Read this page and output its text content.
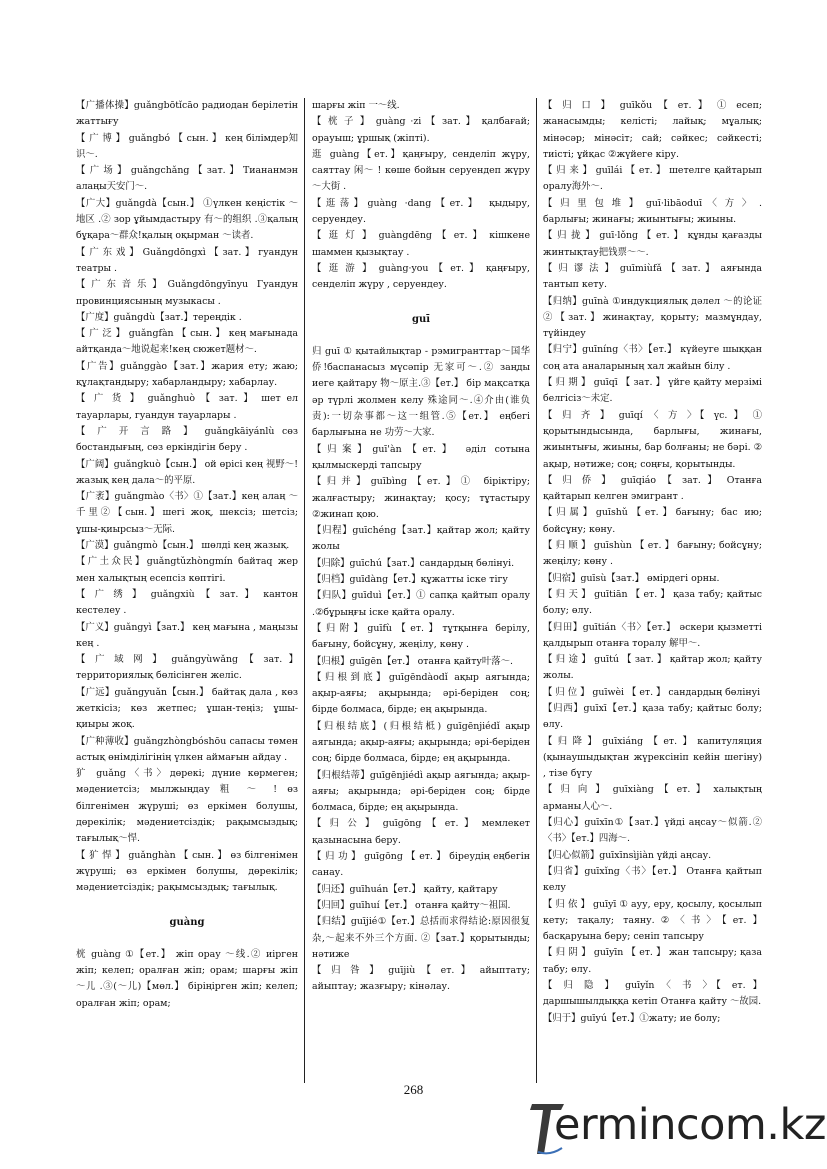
【广播体操】guǎngbōtǐcāo радиодан берілетін жаттығу

【 广 博 】 guǎngbó 【 сын. 】 кең білімдер知识～.

【 广 场 】 guǎngchǎng 【 зат. 】 Тиананмэн алаңы天安门～.

【广大】guǎngdà【сын.】 ①үлкен кеңістік ～地区 .② зор ұйымдастыру 有～的组织 .③қалың бұқара～群众!қалың оқырман ～读者.

【 广 东 戏 】 Guǎngdōngxì 【 зат. 】 гуандун театры .

【广东音乐】Guǎngdōngyīnyu Гуандун провинциясының музыкасы .

【广度】guǎngdù【зат.】терeңдік .

【 广 泛 】 guǎngfàn 【 сын. 】 кең мағынада айтқанда～地说起来!кең сюжет题材～.

【广告】guǎnggào【зат.】жария ету; жаю; құлақтандыру; хабарландыру; хабарлау.

【 广 货 】 guǎnghuò 【 зат. 】 шет ел тауарлары, гуандун тауарлары .

【 广 开 言 路 】 guǎngkāiyánlù сөз бостандығың, сөз еркіндігін беру .

【广阔】guǎngkuò【сын.】 ой өрісі кең 视野～!жазық кең дала～的平原.

【广袤】guǎngmào〈书〉①【зат.】кең алаң ～千里②【сын.】шегі жоқ, шексіз; шетсіз; ұшы-қиырсыз～无际.

【广漠】guǎngmò【сын.】 шөлді кең жазық.

【广土众民】guǎngtǔzhòngmín байтаq жер мен халықтың есепсіз көптігі.

【 广 绣 】 guǎngxiù 【 зат. 】 кантон кестелеу .

【广义】guǎngyì【зат.】 кең мағына , маңызы кең .

【 广 域 网 】 guǎngyùwǎng 【 зат. 】 территориялық бөлісінген желіс.

【广远】guǎngyuǎn【сын.】 байтақ дала , көз жеткісіз; көз жетпес; ұшан-теңіз; ұшы-қиыры жоқ.

【广种薄收】guǎngzhòngbóshōu сапасы төмен астық өнімділігінің үлкен аймағын айдау .

犷 guǎng〈书〉дөрекі; дүние көрмеген; мәдениетсіз; мылжыңдау 粗 ～ ! өз білгенімен жүруші; өз еркімен болушы, дөрекілік; мәдениетсіздік; рақымсыздық; тағылық～悍.

【 犷 悍 】 guǎnghàn 【 сын. 】 өз білгенімен жүруші; өз еркімен болушы, дөрекілік; мәдениетсіздік; рақымсыздық; тағылық.

guàng

桄 guàng ①【ет.】 жіп орау ～线.② иірген жіп; келеп; оралған жіп; орам; шарғы жіп ～儿 .③(～儿)【мөл.】 біріңірген жіп; келеп; оралған жіп; орам;

шарғы жіп 一～线.

【 桄 子 】 guàng ·zi 【 зат. 】 қалбағай; орауыш; ұршық (жіпті).

逛 guàng【ет.】қаңғыру, сенделіп жүру, саяттау 闲～ ! көше бойын серуендеп жүру～大街 .

【逛荡】guàng ·dang【ет.】 қыдыру, серуендеу.

【 逛 灯 】 guàngdēng 【 ет. 】 кішкене шаммен қызықтау .

【 逛 游 】 guàng·you 【 ет. 】 қаңғыру, сенделіп жүру , серуендеу.

guī

归 guī ① қытайлықтар - рэмигранттар～国华侨!баспанасыз мүсәпір 无家可～.② заңды иеге қайтару 物～原主.③【ет.】 бір мақсатқа әр түрлі жолмен келу 殊途同～.④介由(谁负责):一切杂事都～这一组管.⑤【ет.】 еңбегі барлығына не 功劳～大家.

【归案】guī'àn【ет.】 әділ сотына қылмыскерді тапсыру

【归并】guībìng【ет.】① біріктіру; жалғастыру; жинақтау; қосу; тұтастыру ②жинап қою.

【归程】guīchéng【зат.】қайтар жол; қайту жолы

【归除】guīchú【зат.】сандардың бөлінуі.

【归档】guīdàng【ет.】құжатты іске тігу

【归队】guīduì【ет.】① сапқа қайтып оралу .②бұрыңғы іске қайта оралу.

【归附】guīfù【ет.】тұтқынға берілу, бағыну, бойсұну, жеңілу, көну .

【归根】guīgēn【ет.】 отанға қайту叶落～.

【归根到底】guīgēndàodǐ ақыр аягында; ақыр-аяғы; ақырында; әрі-беріден соң; бірде болмаса, бірде; ең ақырында.

【归根结底】(归根结柢) guīgēnjiédǐ ақыр аягында; ақыр-аяғы; ақырында; әрі-беріден соң; бірде болмаса, бірде; ең ақырында.

【归根结蒂】guīgēnjiédì ақыр аягында; ақыр-аяғы; ақырында; әрі-беріден соң; бірде болмаса, бірде; ең ақырында.

【 归 公 】 guīgōng 【 ет. 】 мемлекет қазынасына беру.

【 归 功 】 guīgōng 【 ет. 】 біреудің еңбегін санау.

【归还】guīhuán【ет.】 қайту, қайтару

【归回】guīhuí【ет.】 отанға қайту～祖国.

【归结】guījié①【ет.】总括而求得结论:原因很复杂,～起来不外三个方面. ②【зат.】қорытынды; нәтиже

【 归 咎 】 guījiù 【 ет. 】 айыптату; айыптау; жазғыру; кінәлау.

【 归 口 】 guīkǒu 【 ет. 】 ① есеп; жанасымды; келісті; лайық; мұалық; мінәсәр; мінәсіт; сай; сәйкес; сәйкесті; тиісті; ұйқас ②жүйеге кіру.

【 归 来 】 guīlái 【 ет. 】 шетелге қайтарып оралу海外～.

【 归 里 包 堆 】 guī·libāoduī 〈 方 〉 . барлығы; жинағы; жиынтығы; жиыны.

【 归 拢 】 guī·lǒng 【 ет. 】 құнды қағазды жинтықтау把钱票～～.

【 归 谬 法 】 guīmiùfǎ 【 зат. 】 аяғында тантып кету.

【归纳】guīnà ①индукциялық дәлел ～的论证 ②【зат.】жинақтау, қорыту; мазмұндау, түйіндеу

【归宁】guīníng〈书〉【ет.】 күйеуге шыққан соң ата аналарының хал жайын білу .

【 归 期 】 guīqī 【 зат. 】 үйге қайту мерзімі белгісіз～未定.

【 归 齐 】 guīqí 〈 方 〉【 үс. 】 ① қорытындысында, барлығы, жинағы, жиынтығы, жиыны, бар болғаны; не бәрі. ② ақыр, нәтиже; соң; соңғы, қорытынды.

【 归 侨 】 guīqiáo 【 зат. 】 Отанға қайтарып келген эмигрант .

【归属】guīshǔ【ет.】бағыну; бас ию; бойсұну; көну.

【 归 顺 】 guīshùn 【 ет. 】 бағыну; бойсұну; жеңілу; көну .

【归宿】guīsù【зат.】 өмірдегі орны.

【 归 天 】 guītiān 【 ет. 】 қаза табу; қайтыс болу; өлу.

【归田】guītián〈书〉【ет.】 әскери қызметті қалдырып отанға торалу 解甲～.

【 归 途 】 guītú 【 зат. 】 қайтар жол; қайту жолы.

【 归 位 】 guīwèi 【 ет. 】 сандардың бөлінуі

【归西】guīxī【ет.】қаза табу; қайтыс болу; өлу.

【归降】guīxiáng【ет.】капитуляция (қынаушыдықтан жүрексініп кейін шегіну) , тізе бүгу

【 归 向 】 guīxiàng 【 ет. 】 халықтың арманы人心～.

【归心】guīxīn①【зат.】үйді аңсау～似箭.②〈书〉【ет.】四海～.

【归心似箭】guīxīnsìjiàn үйді аңсау.

【归省】guīxǐng〈书〉【ет.】 Отанға қайтып келу

【 归 依 】 guīyī ① ауу, еру, қосылу, қосылып кету; тақалу; таяну.②〈书〉【ет.】басқаруына беру; сеніп тапсыру

【 归 阴 】 guīyīn 【 ет. 】 жан тапсыру; қаза табу; өлу.

【 归 隐 】 guīyǐn 〈 书 〉【 ет. 】 даршышылдыққа кетіп Отанға қайту ～故园.

【归于】guīyú【ет.】①жату; ие болу;

268
ermincom.kz
